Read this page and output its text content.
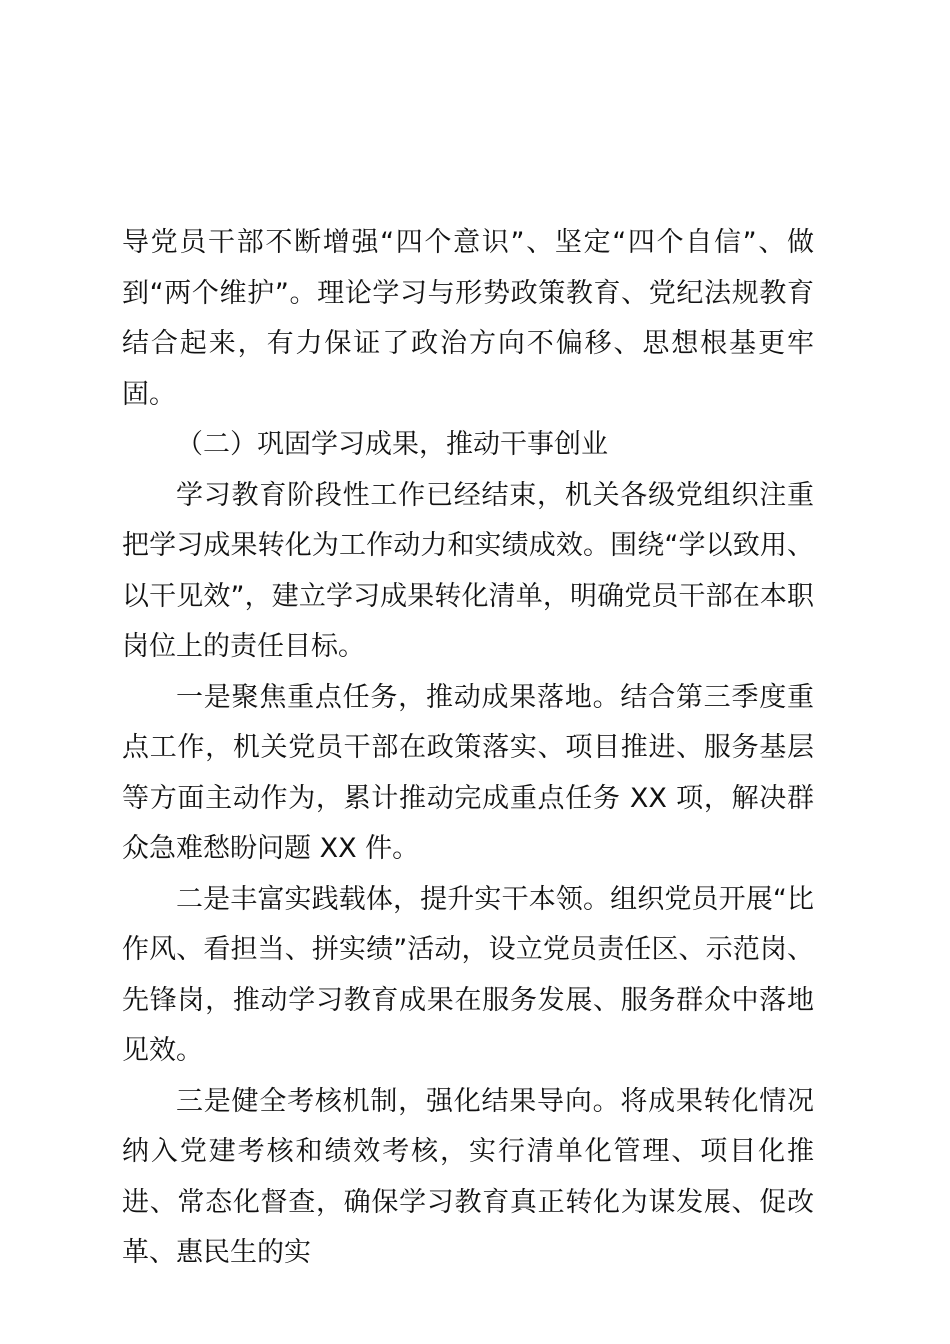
导党员干部不断增强“四个意识”、坚定“四个自信”、做到“两个维护”。理论学习与形势政策教育、党纪法规教育结合起来，有力保证了政治方向不偏移、思想根基更牢固。

（二）巩固学习成果，推动干事创业

学习教育阶段性工作已经结束，机关各级党组织注重把学习成果转化为工作动力和实绩成效。围绕“学以致用、以干见效”，建立学习成果转化清单，明确党员干部在本职岗位上的责任目标。

一是聚焦重点任务，推动成果落地。结合第三季度重点工作，机关党员干部在政策落实、项目推进、服务基层等方面主动作为，累计推动完成重点任务 XX 项，解决群众急难愁盼问题 XX 件。

二是丰富实践载体，提升实干本领。组织党员开展“比作风、看担当、拼实绩”活动，设立党员责任区、示范岗、先锋岗，推动学习教育成果在服务发展、服务群众中落地见效。

三是健全考核机制，强化结果导向。将成果转化情况纳入党建考核和绩效考核，实行清单化管理、项目化推进、常态化督查，确保学习教育真正转化为谋发展、促改革、惠民生的实
